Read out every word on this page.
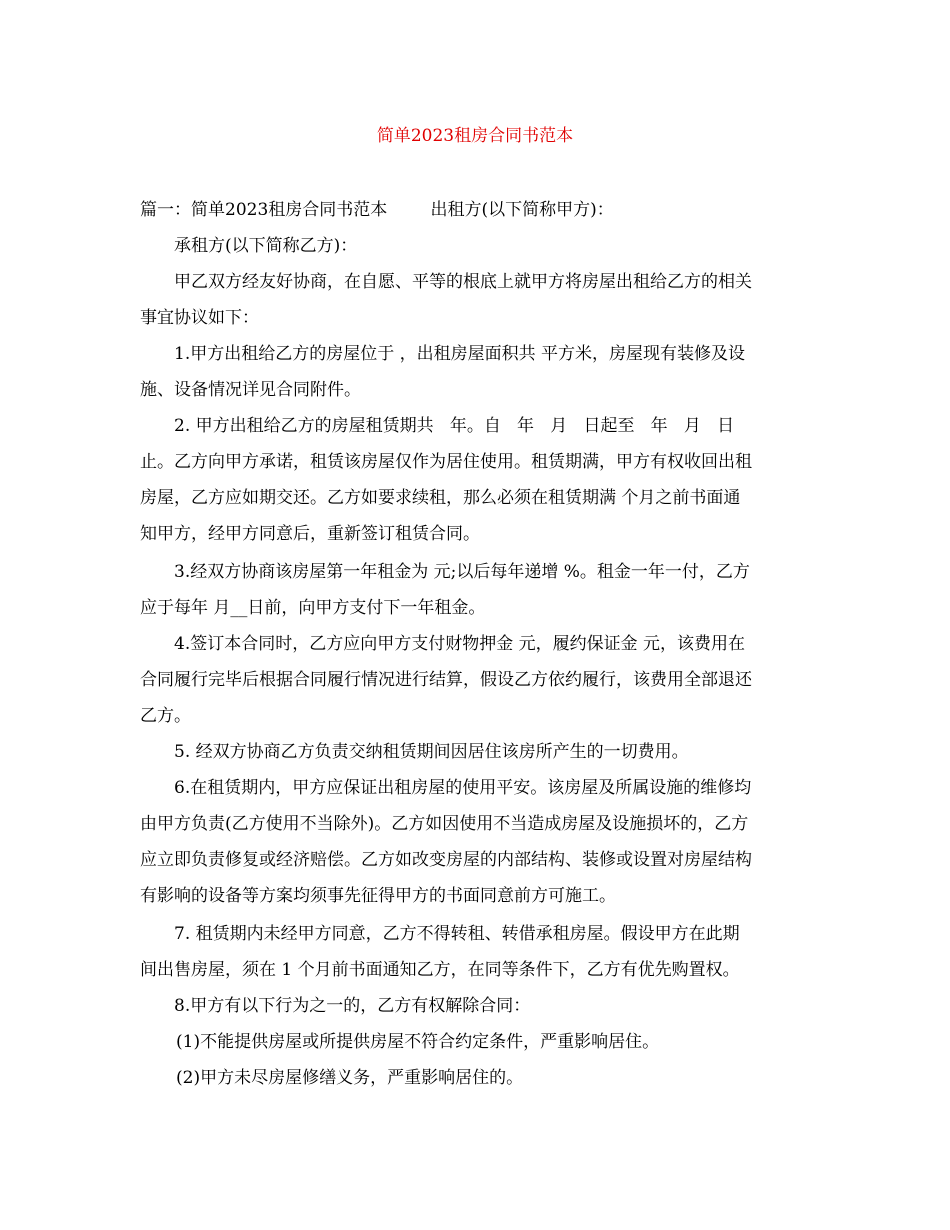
简单2023租房合同书范本
篇一：简单2023租房合同书范本        出租方(以下简称甲方)：
承租方(以下简称乙方)：
甲乙双方经友好协商，在自愿、平等的根底上就甲方将房屋出租给乙方的相关
事宜协议如下：
1.甲方出租给乙方的房屋位于 ，出租房屋面积共 平方米，房屋现有装修及设
施、设备情况详见合同附件。
2. 甲方出租给乙方的房屋租赁期共   年。自   年   月   日起至   年   月   日
止。乙方向甲方承诺，租赁该房屋仅作为居住使用。租赁期满，甲方有权收回出租
房屋，乙方应如期交还。乙方如要求续租，那么必须在租赁期满 个月之前书面通
知甲方，经甲方同意后，重新签订租赁合同。
3.经双方协商该房屋第一年租金为 元;以后每年递增 %。租金一年一付，乙方
应于每年 月__日前，向甲方支付下一年租金。
4.签订本合同时，乙方应向甲方支付财物押金 元，履约保证金 元，该费用在
合同履行完毕后根据合同履行情况进行结算，假设乙方依约履行，该费用全部退还
乙方。
5. 经双方协商乙方负责交纳租赁期间因居住该房所产生的一切费用。
6.在租赁期内，甲方应保证出租房屋的使用平安。该房屋及所属设施的维修均
由甲方负责(乙方使用不当除外)。乙方如因使用不当造成房屋及设施损坏的，乙方
应立即负责修复或经济赔偿。乙方如改变房屋的内部结构、装修或设置对房屋结构
有影响的设备等方案均须事先征得甲方的书面同意前方可施工。
7. 租赁期内未经甲方同意，乙方不得转租、转借承租房屋。假设甲方在此期
间出售房屋，须在 1 个月前书面通知乙方，在同等条件下，乙方有优先购置权。
8.甲方有以下行为之一的，乙方有权解除合同：
(1)不能提供房屋或所提供房屋不符合约定条件，严重影响居住。
(2)甲方未尽房屋修缮义务，严重影响居住的。
